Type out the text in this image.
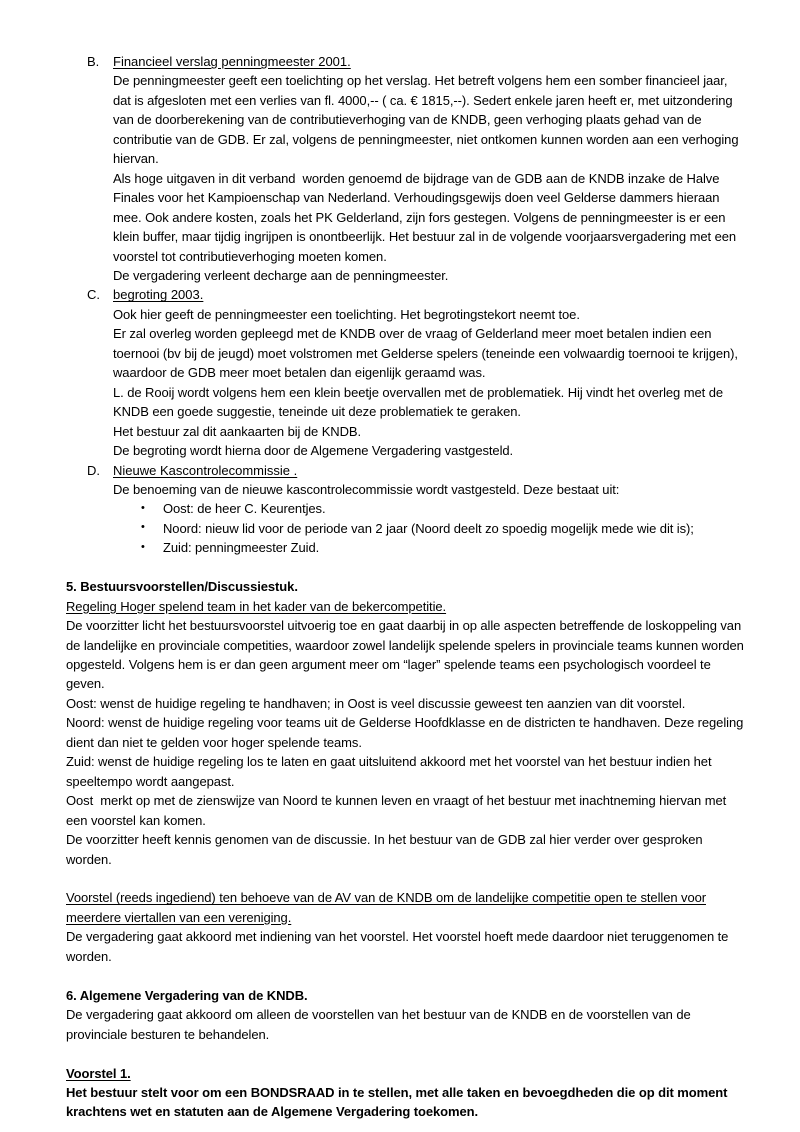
B. Financieel verslag penningmeester 2001.
De penningmeester geeft een toelichting op het verslag. Het betreft volgens hem een somber financieel jaar, dat is afgesloten met een verlies van fl. 4000,-- ( ca. € 1815,--). Sedert enkele jaren heeft er, met uitzondering van de doorberekening van de contributieverhoging van de KNDB, geen verhoging plaats gehad van de contributie van de GDB. Er zal, volgens de penningmeester, niet ontkomen kunnen worden aan een verhoging hiervan.
Als hoge uitgaven in dit verband  worden genoemd de bijdrage van de GDB aan de KNDB inzake de Halve Finales voor het Kampioenschap van Nederland. Verhoudingsgewijs doen veel Gelderse dammers hieraan mee. Ook andere kosten, zoals het PK Gelderland, zijn fors gestegen. Volgens de penningmeester is er een klein buffer, maar tijdig ingrijpen is onontbeerlijk. Het bestuur zal in de volgende voorjaarsvergadering met een voorstel tot contributieverhoging moeten komen.
De vergadering verleent decharge aan de penningmeester.
C. begroting 2003.
Ook hier geeft de penningmeester een toelichting. Het begrotingstekort neemt toe.
Er zal overleg worden gepleegd met de KNDB over de vraag of Gelderland meer moet betalen indien een toernooi (bv bij de jeugd) moet volstromen met Gelderse spelers (teneinde een volwaardig toernooi te krijgen), waardoor de GDB meer moet betalen dan eigenlijk geraamd was.
L. de Rooij wordt volgens hem een klein beetje overvallen met de problematiek. Hij vindt het overleg met de KNDB een goede suggestie, teneinde uit deze problematiek te geraken.
Het bestuur zal dit aankaarten bij de KNDB.
De begroting wordt hierna door de Algemene Vergadering vastgesteld.
D. Nieuwe Kascontrolecommissie .
De benoeming van de nieuwe kascontrolecommissie wordt vastgesteld. Deze bestaat uit:
• Oost: de heer C. Keurentjes.
• Noord: nieuw lid voor de periode van 2 jaar (Noord deelt zo spoedig mogelijk mede wie dit is);
• Zuid: penningmeester Zuid.
5. Bestuursvoorstellen/Discussiestuk.
Regeling Hoger spelend team in het kader van de bekercompetitie.
De voorzitter licht het bestuursvoorstel uitvoerig toe en gaat daarbij in op alle aspecten betreffende de loskoppeling van de landelijke en provinciale competities, waardoor zowel landelijk spelende spelers in provinciale teams kunnen worden opgesteld. Volgens hem is er dan geen argument meer om “lager” spelende teams een psychologisch voordeel te geven.
Oost: wenst de huidige regeling te handhaven; in Oost is veel discussie geweest ten aanzien van dit voorstel.
Noord: wenst de huidige regeling voor teams uit de Gelderse Hoofdklasse en de districten te handhaven. Deze regeling dient dan niet te gelden voor hoger spelende teams.
Zuid: wenst de huidige regeling los te laten en gaat uitsluitend akkoord met het voorstel van het bestuur indien het speeltempo wordt aangepast.
Oost  merkt op met de zienswijze van Noord te kunnen leven en vraagt of het bestuur met inachtneming hiervan met een voorstel kan komen.
De voorzitter heeft kennis genomen van de discussie. In het bestuur van de GDB zal hier verder over gesproken worden.
Voorstel (reeds ingediend) ten behoeve van de AV van de KNDB om de landelijke competitie open te stellen voor meerdere viertallen van een vereniging.
De vergadering gaat akkoord met indiening van het voorstel. Het voorstel hoeft mede daardoor niet teruggenomen te worden.
6. Algemene Vergadering van de KNDB.
De vergadering gaat akkoord om alleen de voorstellen van het bestuur van de KNDB en de voorstellen van de provinciale besturen te behandelen.
Voorstel 1.
Het bestuur stelt voor om een BONDSRAAD in te stellen, met alle taken en bevoegdheden die op dit moment krachtens wet en statuten aan de Algemene Vergadering toekomen.
